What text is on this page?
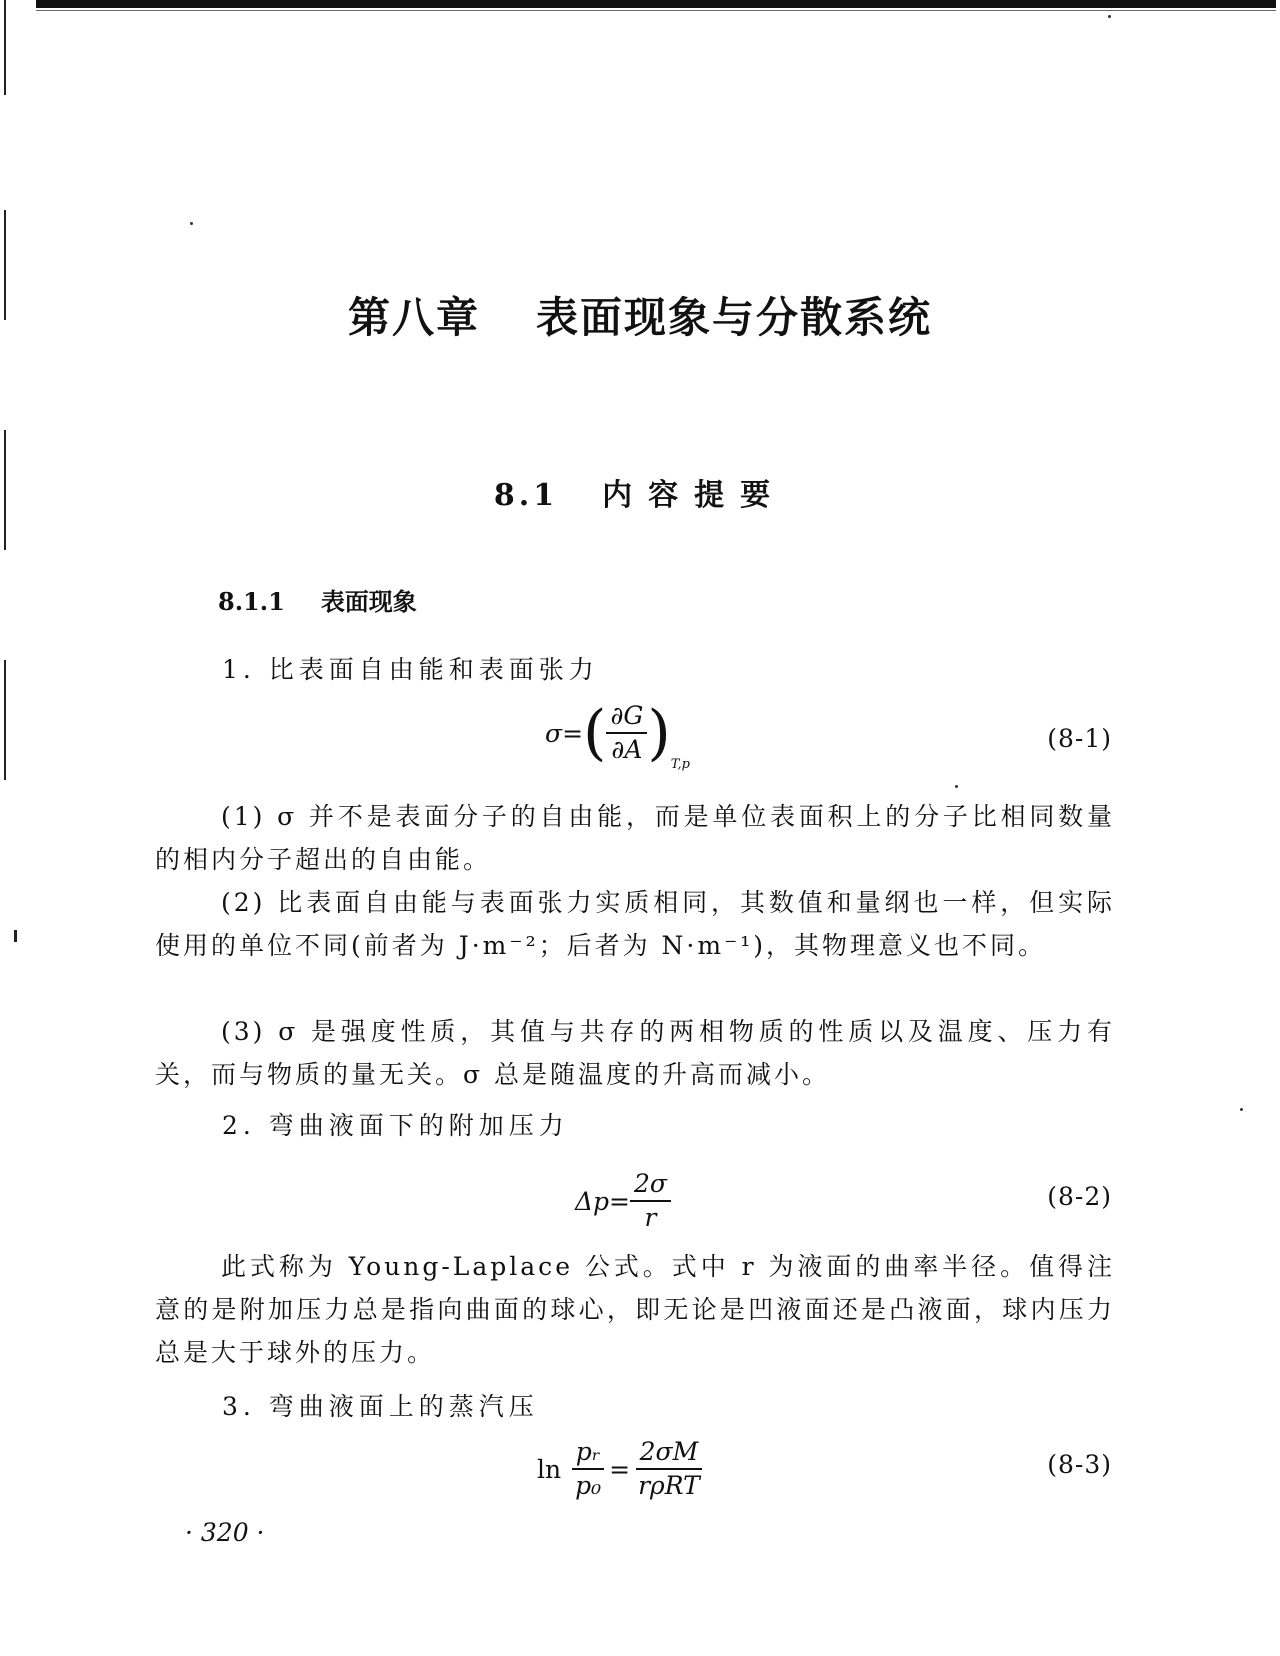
第八章 表面现象与分散系统
8.1 内容提要
8.1.1 表面现象
1. 比表面自由能和表面张力
σ= ( $\frac{\partial G}{\partial A}$ ) T,p
(8-1)

(1) σ 并不是表面分子的自由能，而是单位表面积上的分子比相同数量的相内分子超出的自由能。

(2) 比表面自由能与表面张力实质相同，其数值和量纲也一样，但实际使用的单位不同(前者为 J·m⁻²；后者为 N·m⁻¹)，其物理意义也不同。

(3) σ 是强度性质，其值与共存的两相物质的性质以及温度、压力有关，而与物质的量无关。σ 总是随温度的升高而减小。

2. 弯曲液面下的附加压力
$\Delta p= \frac{2\sigma}{r}$	(8-2)

此式称为 Young-Laplace 公式。式中 r 为液面的曲率半径。值得注意的是附加压力总是指向曲面的球心，即无论是凹液面还是凸液面，球内压力总是大于球外的压力。

3. 弯曲液面上的蒸汽压
$\ln \frac{\text{pᵣ}}{\text{p₀}} = \frac{2\sigma M}{\text{rρRT}}$	(8-3)
· 320 ·
